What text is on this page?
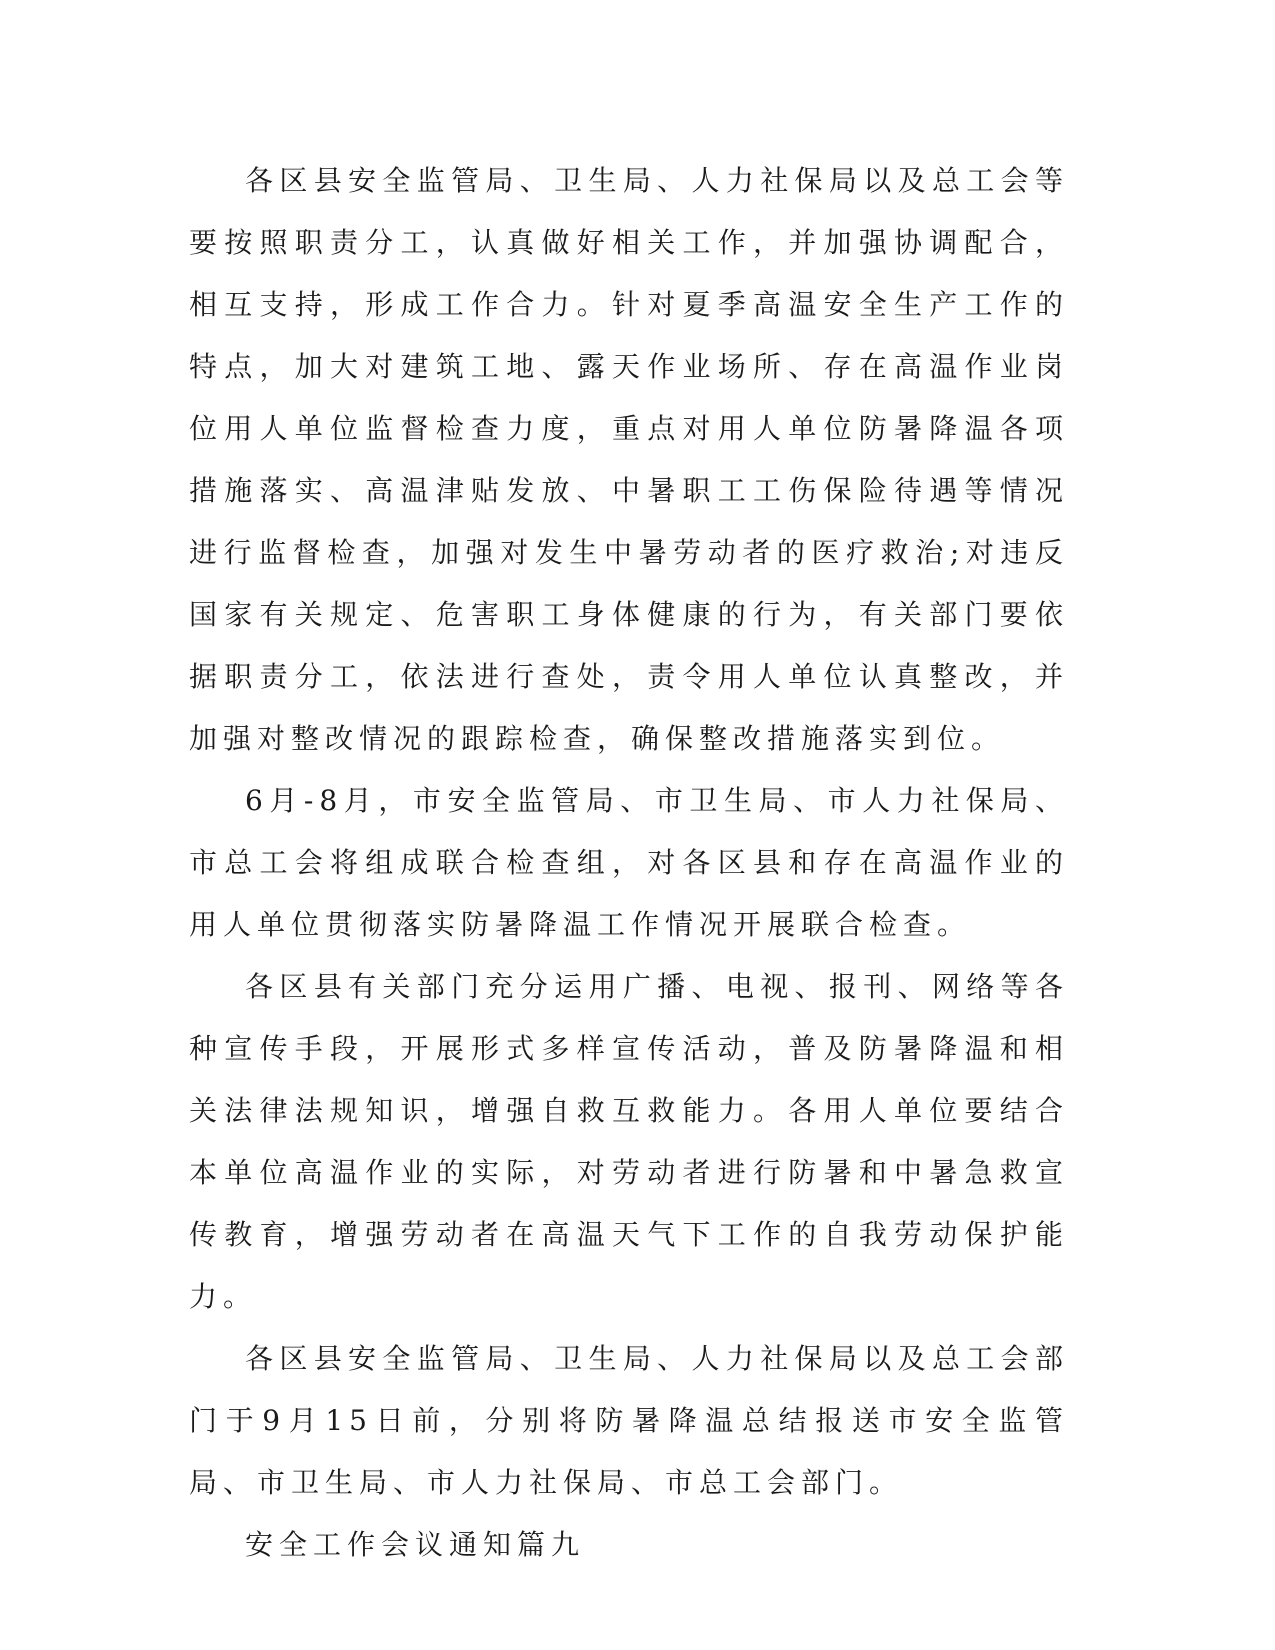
各区县安全监管局、卫生局、人力社保局以及总工会等要按照职责分工，认真做好相关工作，并加强协调配合，相互支持，形成工作合力。针对夏季高温安全生产工作的特点，加大对建筑工地、露天作业场所、存在高温作业岗位用人单位监督检查力度，重点对用人单位防暑降温各项措施落实、高温津贴发放、中暑职工工伤保险待遇等情况进行监督检查，加强对发生中暑劳动者的医疗救治;对违反国家有关规定、危害职工身体健康的行为，有关部门要依据职责分工，依法进行查处，责令用人单位认真整改，并加强对整改情况的跟踪检查，确保整改措施落实到位。

6月-8月，市安全监管局、市卫生局、市人力社保局、市总工会将组成联合检查组，对各区县和存在高温作业的用人单位贯彻落实防暑降温工作情况开展联合检查。

各区县有关部门充分运用广播、电视、报刊、网络等各种宣传手段，开展形式多样宣传活动，普及防暑降温和相关法律法规知识，增强自救互救能力。各用人单位要结合本单位高温作业的实际，对劳动者进行防暑和中暑急救宣传教育，增强劳动者在高温天气下工作的自我劳动保护能力。

各区县安全监管局、卫生局、人力社保局以及总工会部门于9月15日前，分别将防暑降温总结报送市安全监管局、市卫生局、市人力社保局、市总工会部门。

安全工作会议通知篇九
